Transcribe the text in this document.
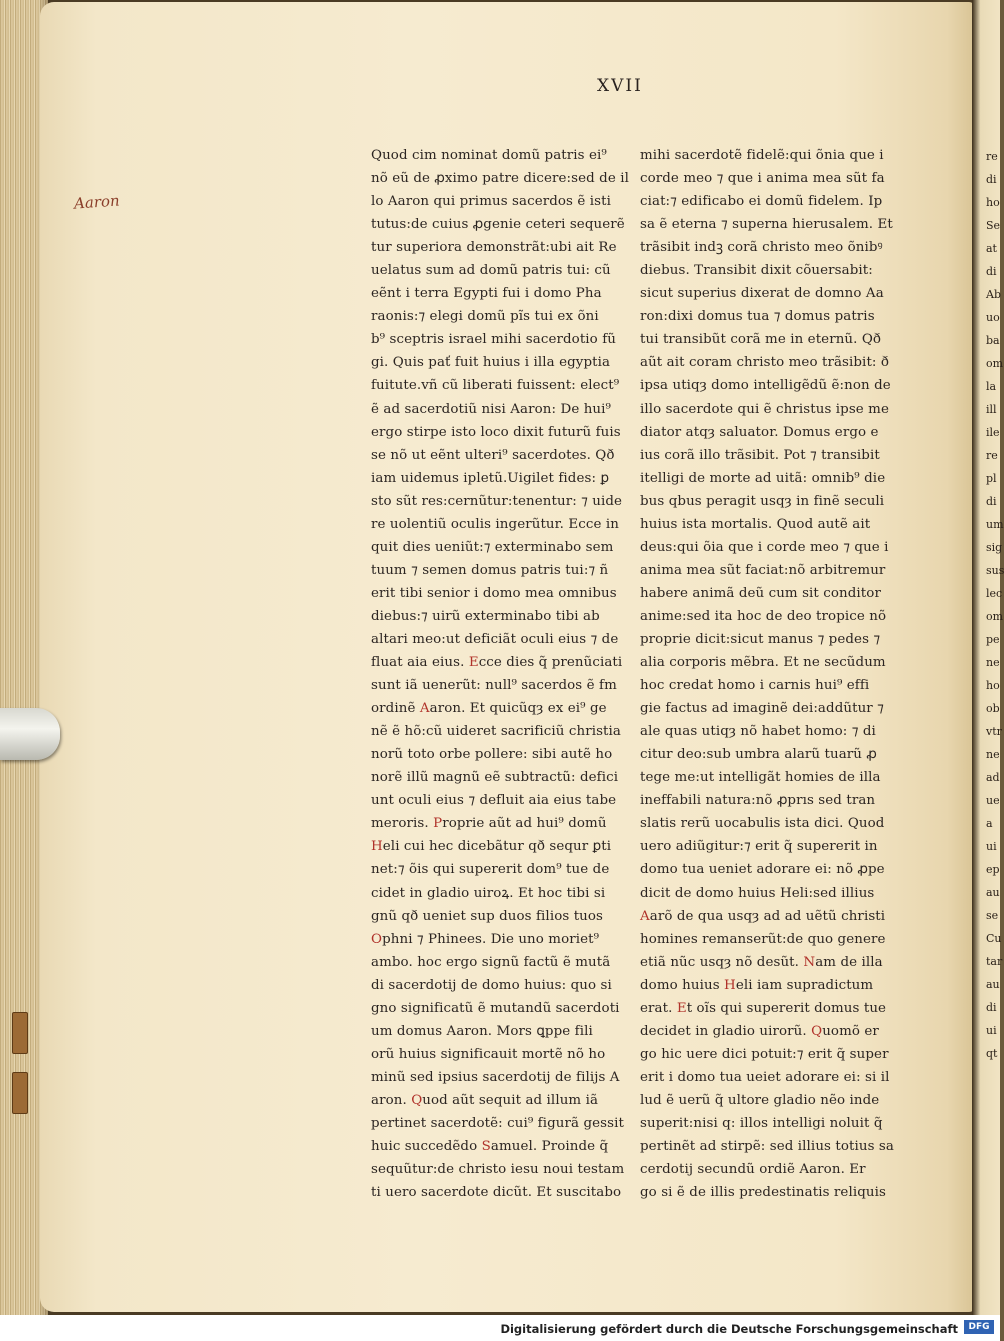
re
di
ho
Se
at
di
Ab
uo
ba
om
la
ill
ile
re
pl
di
um
sig
sus
lec
om
pe
ne
ho
ob
vtr
ne
ad
ue
a
ui
ep
au
se
Cu
tar
au
di
ui
qt
XVII
Aaron
Quod cim nominat domũ patris ei⁹
nõ eũ de ꝓximo patre dicere:sed de il
lo Aaron qui primus sacerdos ẽ isti
tutus:de cuius ꝓgenie ceteri sequerẽ
tur superiora demonstrãt:ubi ait Re
uelatus sum ad domũ patris tui: cũ
eẽnt i terra Egypti fui i domo Pha
raonis:⁊ elegi domũ pĩs tui ex õni
b⁹ sceptris israel mihi sacerdotio fũ
gi. Quis pať fuit huius i illa egyptia
fuitute.vñ cũ liberati fuissent: elect⁹
ẽ ad sacerdotiũ nisi Aaron: De hui⁹
ergo stirpe isto loco dixit futurũ fuis
se nõ ut eẽnt ulteri⁹ sacerdotes. Qð
iam uidemus ipletũ.Uigilet fides: ꝑ
sto sũt res:cernũtur:tenentur: ⁊ uide
re uolentiũ oculis ingerũtur. Ecce in
quit dies ueniũt:⁊ exterminabo sem
tuum ⁊ semen domus patris tui:⁊ ñ
erit tibi senior i domo mea omnibus
diebus:⁊ uirũ exterminabo tibi ab
altari meo:ut deficiãt oculi eius ⁊ de
fluat aia eius. Ecce dies q̃ prenũciati
sunt iã uenerũt: null⁹ sacerdos ẽ fm
ordinẽ Aaron. Et quicũqȝ ex ei⁹ ge
nẽ ẽ hõ:cũ uideret sacrificiũ christia
norũ toto orbe pollere: sibi autẽ ho
norẽ illũ magnũ eẽ subtractũ: defici
unt oculi eius ⁊ defluit aia eius tabe
meroris. Proprie aũt ad hui⁹ domũ
Heli cui hec dicebãtur qð sequr ꝑti
net:⁊ õis qui supererit dom⁹ tue de
cidet in gladio uiroꝝ. Et hoc tibi si
gnũ qð ueniet sup duos filios tuos
Ophni ⁊ Phinees. Die uno moriet⁹
ambo. hoc ergo signũ factũ ẽ mutã
di sacerdotij de domo huius: quo si
gno significatũ ẽ mutandũ sacerdoti
um domus Aaron. Mors ꝗppe fili
orũ huius significauit mortẽ nõ ho
minũ sed ipsius sacerdotij de filijs A
aron. Quod aũt sequit ad illum iã
pertinet sacerdotẽ: cui⁹ figurã gessit
huic succedẽdo Samuel. Proinde q̃
sequũtur:de christo iesu noui testam
ti uero sacerdote dicũt. Et suscitabo
mihi sacerdotẽ fidelẽ:qui õnia que i
corde meo ⁊ que i anima mea sũt fa
ciat:⁊ edificabo ei domũ fidelem. Ip
sa ẽ eterna ⁊ superna hierusalem. Et
trãsibit indꝫ corã christo meo õnibꝰ
diebus. Transibit dixit cõuersabit:
sicut superius dixerat de domno Aa
ron:dixi domus tua ⁊ domus patris
tui transibũt corã me in eternũ. Qð
aũt ait coram christo meo trãsibit: ð
ipsa utiqȝ domo intelligẽdũ ẽ:non de
illo sacerdote qui ẽ christus ipse me
diator atqȝ saluator. Domus ergo e
ius corã illo trãsibit. Pot ⁊ transibit
itelligi de morte ad uitã: omnib⁹ die
bus qbus peragit usqȝ in finẽ seculi
huius ista mortalis. Quod autẽ ait
deus:qui õia que i corde meo ⁊ que i
anima mea sũt faciat:nõ arbitremur
habere animã deũ cum sit conditor
anime:sed ita hoc de deo tropice nõ
proprie dicit:sicut manus ⁊ pedes ⁊
alia corporis mẽbra. Et ne secũdum
hoc credat homo i carnis hui⁹ effi
gie factus ad imaginẽ dei:addũtur ⁊
ale quas utiqȝ nõ habet homo: ⁊ di
citur deo:sub umbra alarũ tuarũ ꝓ
tege me:ut intelligãt homies de illa
ineffabili natura:nõ ꝓprıs sed tran
slatis rerũ uocabulis ista dici. Quod
uero adiũgitur:⁊ erit q̃ supererit in
domo tua ueniet adorare ei: nõ ꝓpe
dicit de domo huius Heli:sed illius
Aarõ de qua usqȝ ad ad uẽtũ christi
homines remanserũt:de quo genere
etiã nũc usqȝ nõ desũt. Nam de illa
domo huius Heli iam supradictum
erat. Et oĩs qui supererit domus tue
decidet in gladio uirorũ. Quomõ er
go hic uere dici potuit:⁊ erit q̃ super
erit i domo tua ueiet adorare ei: si il
lud ẽ uerũ q̃ ultore gladio nẽo inde
superit:nisi q: illos intelligi noluit q̃
pertinẽt ad stirpẽ: sed illius totius sa
cerdotij secundũ ordiẽ Aaron. Er
go si ẽ de illis predestinatis reliquis
Digitalisierung gefördert durch die Deutsche Forschungsgemeinschaft	DFG
